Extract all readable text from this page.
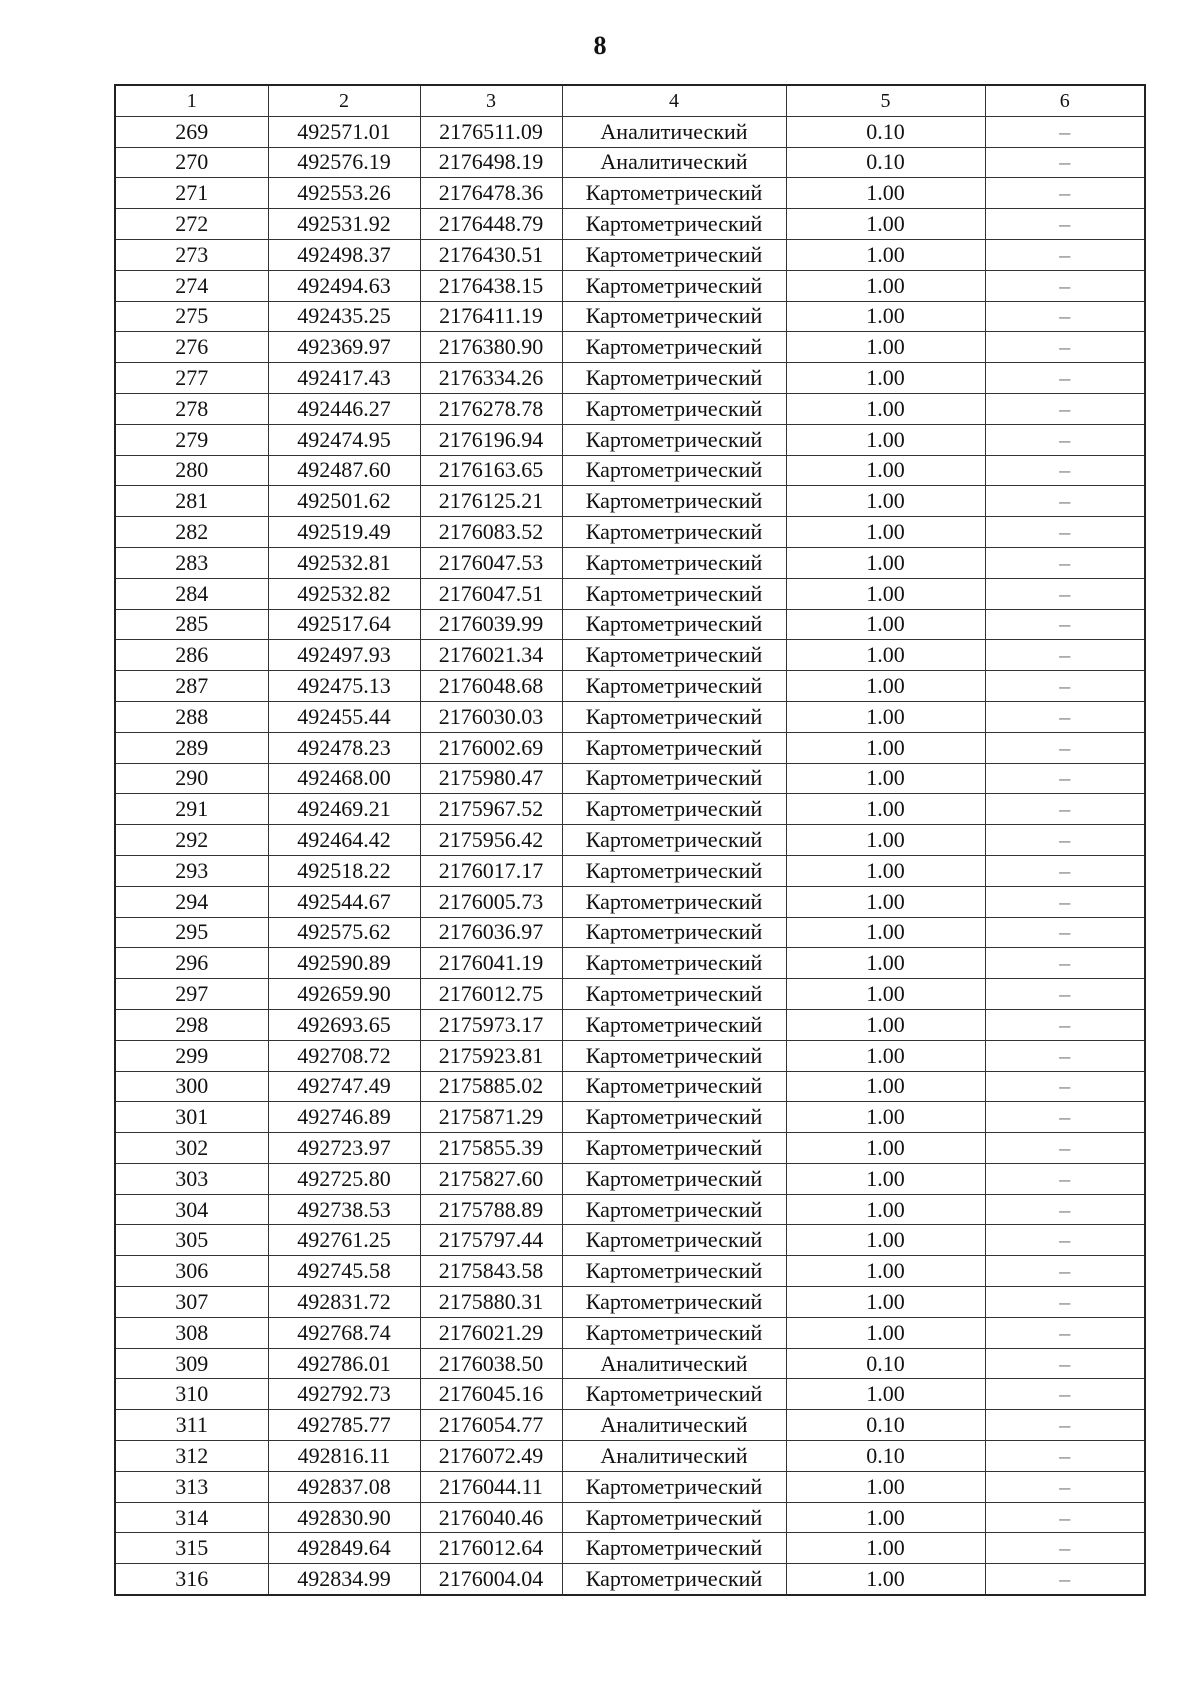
8
1	2	3	4	5	6
269	492571.01	2176511.09	Аналитический	0.10	–
270	492576.19	2176498.19	Аналитический	0.10	–
271	492553.26	2176478.36	Картометрический	1.00	–
272	492531.92	2176448.79	Картометрический	1.00	–
273	492498.37	2176430.51	Картометрический	1.00	–
274	492494.63	2176438.15	Картометрический	1.00	–
275	492435.25	2176411.19	Картометрический	1.00	–
276	492369.97	2176380.90	Картометрический	1.00	–
277	492417.43	2176334.26	Картометрический	1.00	–
278	492446.27	2176278.78	Картометрический	1.00	–
279	492474.95	2176196.94	Картометрический	1.00	–
280	492487.60	2176163.65	Картометрический	1.00	–
281	492501.62	2176125.21	Картометрический	1.00	–
282	492519.49	2176083.52	Картометрический	1.00	–
283	492532.81	2176047.53	Картометрический	1.00	–
284	492532.82	2176047.51	Картометрический	1.00	–
285	492517.64	2176039.99	Картометрический	1.00	–
286	492497.93	2176021.34	Картометрический	1.00	–
287	492475.13	2176048.68	Картометрический	1.00	–
288	492455.44	2176030.03	Картометрический	1.00	–
289	492478.23	2176002.69	Картометрический	1.00	–
290	492468.00	2175980.47	Картометрический	1.00	–
291	492469.21	2175967.52	Картометрический	1.00	–
292	492464.42	2175956.42	Картометрический	1.00	–
293	492518.22	2176017.17	Картометрический	1.00	–
294	492544.67	2176005.73	Картометрический	1.00	–
295	492575.62	2176036.97	Картометрический	1.00	–
296	492590.89	2176041.19	Картометрический	1.00	–
297	492659.90	2176012.75	Картометрический	1.00	–
298	492693.65	2175973.17	Картометрический	1.00	–
299	492708.72	2175923.81	Картометрический	1.00	–
300	492747.49	2175885.02	Картометрический	1.00	–
301	492746.89	2175871.29	Картометрический	1.00	–
302	492723.97	2175855.39	Картометрический	1.00	–
303	492725.80	2175827.60	Картометрический	1.00	–
304	492738.53	2175788.89	Картометрический	1.00	–
305	492761.25	2175797.44	Картометрический	1.00	–
306	492745.58	2175843.58	Картометрический	1.00	–
307	492831.72	2175880.31	Картометрический	1.00	–
308	492768.74	2176021.29	Картометрический	1.00	–
309	492786.01	2176038.50	Аналитический	0.10	–
310	492792.73	2176045.16	Картометрический	1.00	–
311	492785.77	2176054.77	Аналитический	0.10	–
312	492816.11	2176072.49	Аналитический	0.10	–
313	492837.08	2176044.11	Картометрический	1.00	–
314	492830.90	2176040.46	Картометрический	1.00	–
315	492849.64	2176012.64	Картометрический	1.00	–
316	492834.99	2176004.04	Картометрический	1.00	–
